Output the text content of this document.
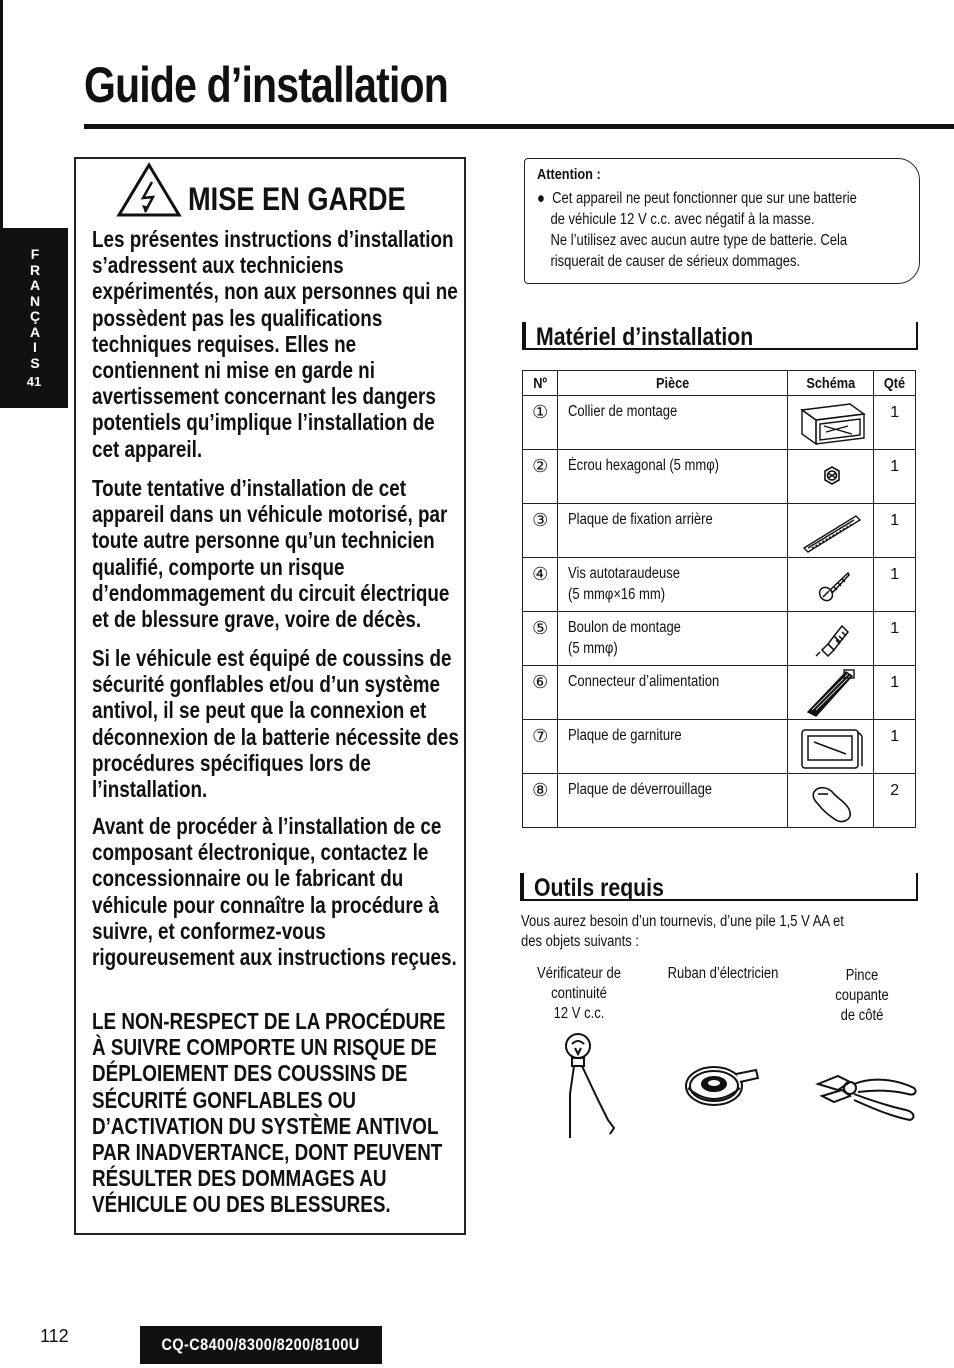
Guide d’installation
F
R
A
N
Ç
A
I
S
41
MISE EN GARDE
Les présentes instructions d’installation s’adressent aux techniciens expérimentés, non aux personnes qui ne possèdent pas les qualifications techniques requises. Elles ne contiennent ni mise en garde ni avertissement concernant les dangers potentiels qu’implique l’installation de cet appareil.
Toute tentative d’installation de cet appareil dans un véhicule motorisé, par toute autre personne qu’un technicien qualifié, comporte un risque d’endommagement du circuit électrique et de blessure grave, voire de décès.
Si le véhicule est équipé de coussins de sécurité gonflables et/ou d’un système antivol, il se peut que la connexion et déconnexion de la batterie nécessite des procédures spécifiques lors de l’installation.
Avant de procéder à l’installation de ce composant électronique, contactez le concessionnaire ou le fabricant du véhicule pour connaître la procédure à suivre, et conformez-vous rigoureusement aux instructions reçues.
LE NON-RESPECT DE LA PROCÉDURE À SUIVRE COMPORTE UN RISQUE DE DÉPLOIEMENT DES COUSSINS DE SÉCURITÉ GONFLABLES OU D’ACTIVATION DU SYSTÈME ANTIVOL PAR INADVERTANCE, DONT PEUVENT RÉSULTER DES DOMMAGES AU VÉHICULE OU DES BLESSURES.
Attention :
● Cet appareil ne peut fonctionner que sur une batterie
de véhicule 12 V c.c. avec négatif à la masse.
Ne l’utilisez avec aucun autre type de batterie. Cela
risquerait de causer de sérieux dommages.
Matériel d’installation
Nº	Pièce	Schéma	Qté
①	Collier de montage		1
②	Écrou hexagonal (5 mmφ)		1
③	Plaque de fixation arrière		1
④	Vis autotaraudeuse
(5 mmφ×16 mm)		1
⑤	Boulon de montage
(5 mmφ)		1
⑥	Connecteur d’alimentation		1
⑦	Plaque de garniture		1
⑧	Plaque de déverrouillage		2
Outils requis
Vous aurez besoin d’un tournevis, d’une pile 1,5 V AA et
des objets suivants :
Vérificateur de
continuité
12 V c.c.
Ruban d’électricien	Pince
coupante
de côté
112	CQ-C8400/8300/8200/8100U
